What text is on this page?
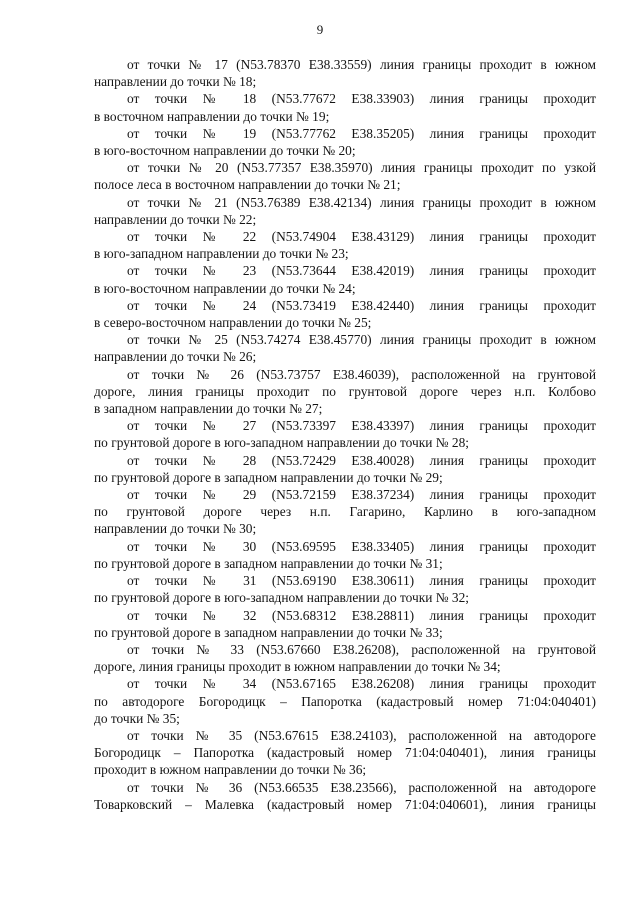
9
от точки № 17 (N53.78370 E38.33559) линия границы проходит в южном
направлении до точки № 18;
от точки № 18 (N53.77672 E38.33903) линия границы проходит
в восточном направлении до точки № 19;
от точки № 19 (N53.77762 E38.35205) линия границы проходит
в юго-восточном направлении до точки № 20;
от точки № 20 (N53.77357 E38.35970) линия границы проходит по узкой
полосе леса в восточном направлении до точки № 21;
от точки № 21 (N53.76389 E38.42134) линия границы проходит в южном
направлении до точки № 22;
от точки № 22 (N53.74904 E38.43129) линия границы проходит
в юго-западном направлении до точки № 23;
от точки № 23 (N53.73644 E38.42019) линия границы проходит
в юго-восточном направлении до точки № 24;
от точки № 24 (N53.73419 E38.42440) линия границы проходит
в северо-восточном направлении до точки № 25;
от точки № 25 (N53.74274 E38.45770) линия границы проходит в южном
направлении до точки № 26;
от точки № 26 (N53.73757 E38.46039), расположенной на грунтовой
дороге, линия границы проходит по грунтовой дороге через н.п. Колбово
в западном направлении до точки № 27;
от точки № 27 (N53.73397 E38.43397) линия границы проходит
по грунтовой дороге в юго-западном направлении до точки № 28;
от точки № 28 (N53.72429 E38.40028) линия границы проходит
по грунтовой дороге в западном направлении до точки № 29;
от точки № 29 (N53.72159 E38.37234) линия границы проходит
по грунтовой дороге через н.п. Гагарино, Карлино в юго-западном
направлении до точки № 30;
от точки № 30 (N53.69595 E38.33405) линия границы проходит
по грунтовой дороге в западном направлении до точки № 31;
от точки № 31 (N53.69190 E38.30611) линия границы проходит
по грунтовой дороге в юго-западном направлении до точки № 32;
от точки № 32 (N53.68312 E38.28811) линия границы проходит
по грунтовой дороге в западном направлении до точки № 33;
от точки № 33 (N53.67660 E38.26208), расположенной на грунтовой
дороге, линия границы проходит в южном направлении до точки № 34;
от точки № 34 (N53.67165 E38.26208) линия границы проходит
по автодороге Богородицк – Папоротка (кадастровый номер 71:04:040401)
до точки № 35;
от точки № 35 (N53.67615 E38.24103), расположенной на автодороге
Богородицк – Папоротка (кадастровый номер 71:04:040401), линия границы
проходит в южном направлении до точки № 36;
от точки № 36 (N53.66535 E38.23566), расположенной на автодороге
Товарковский – Малевка (кадастровый номер 71:04:040601), линия границы
